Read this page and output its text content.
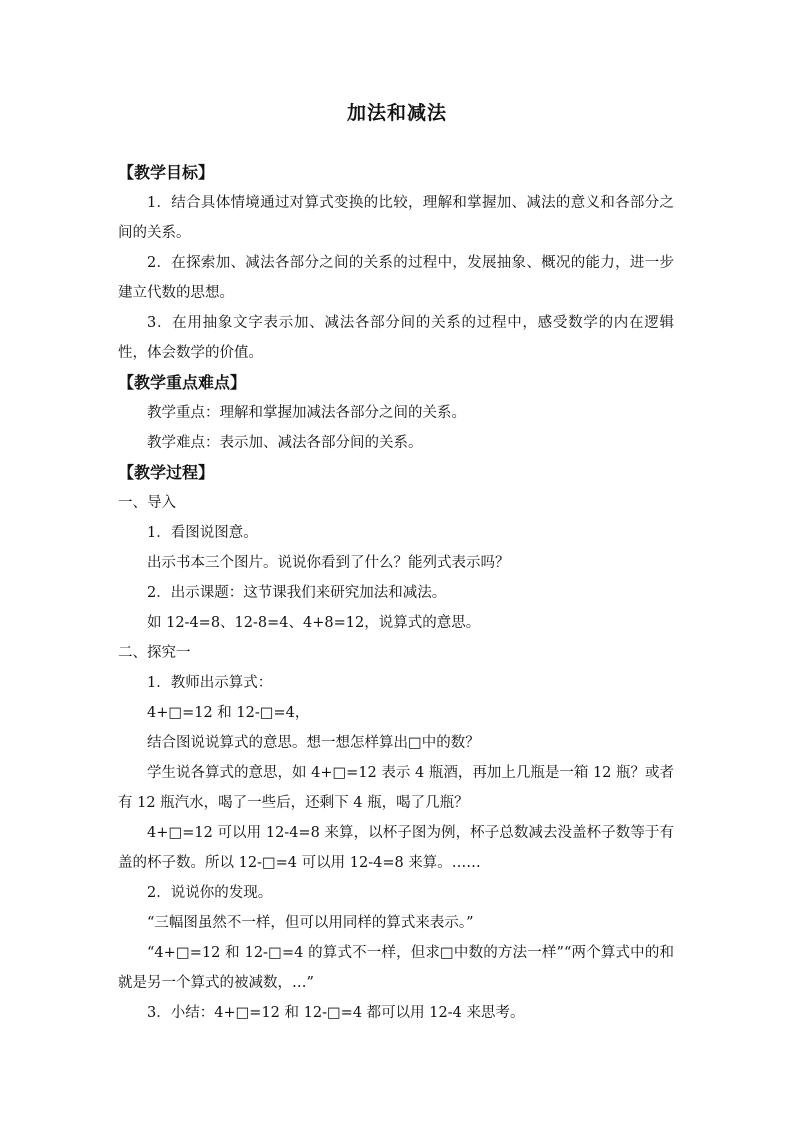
加法和减法
【教学目标】
1．结合具体情境通过对算式变换的比较，理解和掌握加、减法的意义和各部分之间的关系。
2．在探索加、减法各部分之间的关系的过程中，发展抽象、概况的能力，进一步建立代数的思想。
3．在用抽象文字表示加、减法各部分间的关系的过程中，感受数学的内在逻辑性，体会数学的价值。
【教学重点难点】
教学重点：理解和掌握加减法各部分之间的关系。
教学难点：表示加、减法各部分间的关系。
【教学过程】
一、导入
1．看图说图意。
出示书本三个图片。说说你看到了什么？能列式表示吗？
2．出示课题：这节课我们来研究加法和减法。
如 12-4=8、12-8=4、4+8=12，说算式的意思。
二、探究一
1．教师出示算式：
4+□=12 和 12-□=4，
结合图说说算式的意思。想一想怎样算出□中的数？
学生说各算式的意思，如 4+□=12 表示 4 瓶酒，再加上几瓶是一箱 12 瓶？或者有 12 瓶汽水，喝了一些后，还剩下 4 瓶，喝了几瓶？
4+□=12 可以用 12-4=8 来算，以杯子图为例，杯子总数减去没盖杯子数等于有盖的杯子数。所以 12-□=4 可以用 12-4=8 来算。……
2．说说你的发现。
“三幅图虽然不一样，但可以用同样的算式来表示。”
“4+□=12 和 12-□=4 的算式不一样，但求□中数的方法一样”“两个算式中的和就是另一个算式的被减数，…”
3．小结：4+□=12 和 12-□=4 都可以用 12-4 来思考。
